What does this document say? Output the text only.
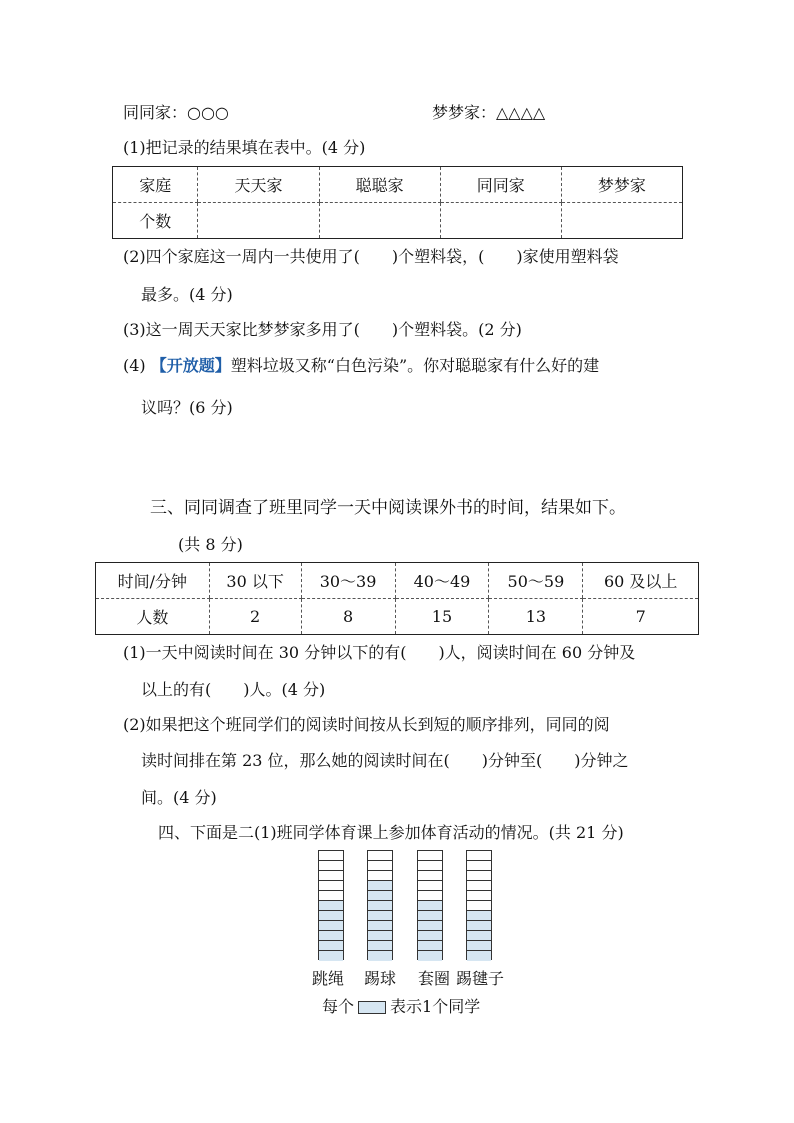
同同家：○○○	梦梦家：△△△△
(1)把记录的结果填在表中。(4 分)
家庭	天天家	聪聪家	同同家	梦梦家
个数				
(2)四个家庭这一周内一共使用了(　　)个塑料袋，(　　)家使用塑料袋
最多。(4 分)
(3)这一周天天家比梦梦家多用了(　　)个塑料袋。(2 分)
(4) 【开放题】塑料垃圾又称“白色污染”。你对聪聪家有什么好的建
议吗？(6 分)
三、同同调查了班里同学一天中阅读课外书的时间，结果如下。
(共 8 分)
时间/分钟	30 以下	30～39	40～49	50～59	60 及以上
人数	2	8	15	13	7
(1)一天中阅读时间在 30 分钟以下的有(　　)人，阅读时间在 60 分钟及
以上的有(　　)人。(4 分)
(2)如果把这个班同学们的阅读时间按从长到短的顺序排列，同同的阅
读时间排在第 23 位，那么她的阅读时间在(　　)分钟至(　　)分钟之
间。(4 分)
四、下面是二(1)班同学体育课上参加体育活动的情况。(共 21 分)
跳绳 踢球 套圈 踢毽子
每个 表示1个同学
